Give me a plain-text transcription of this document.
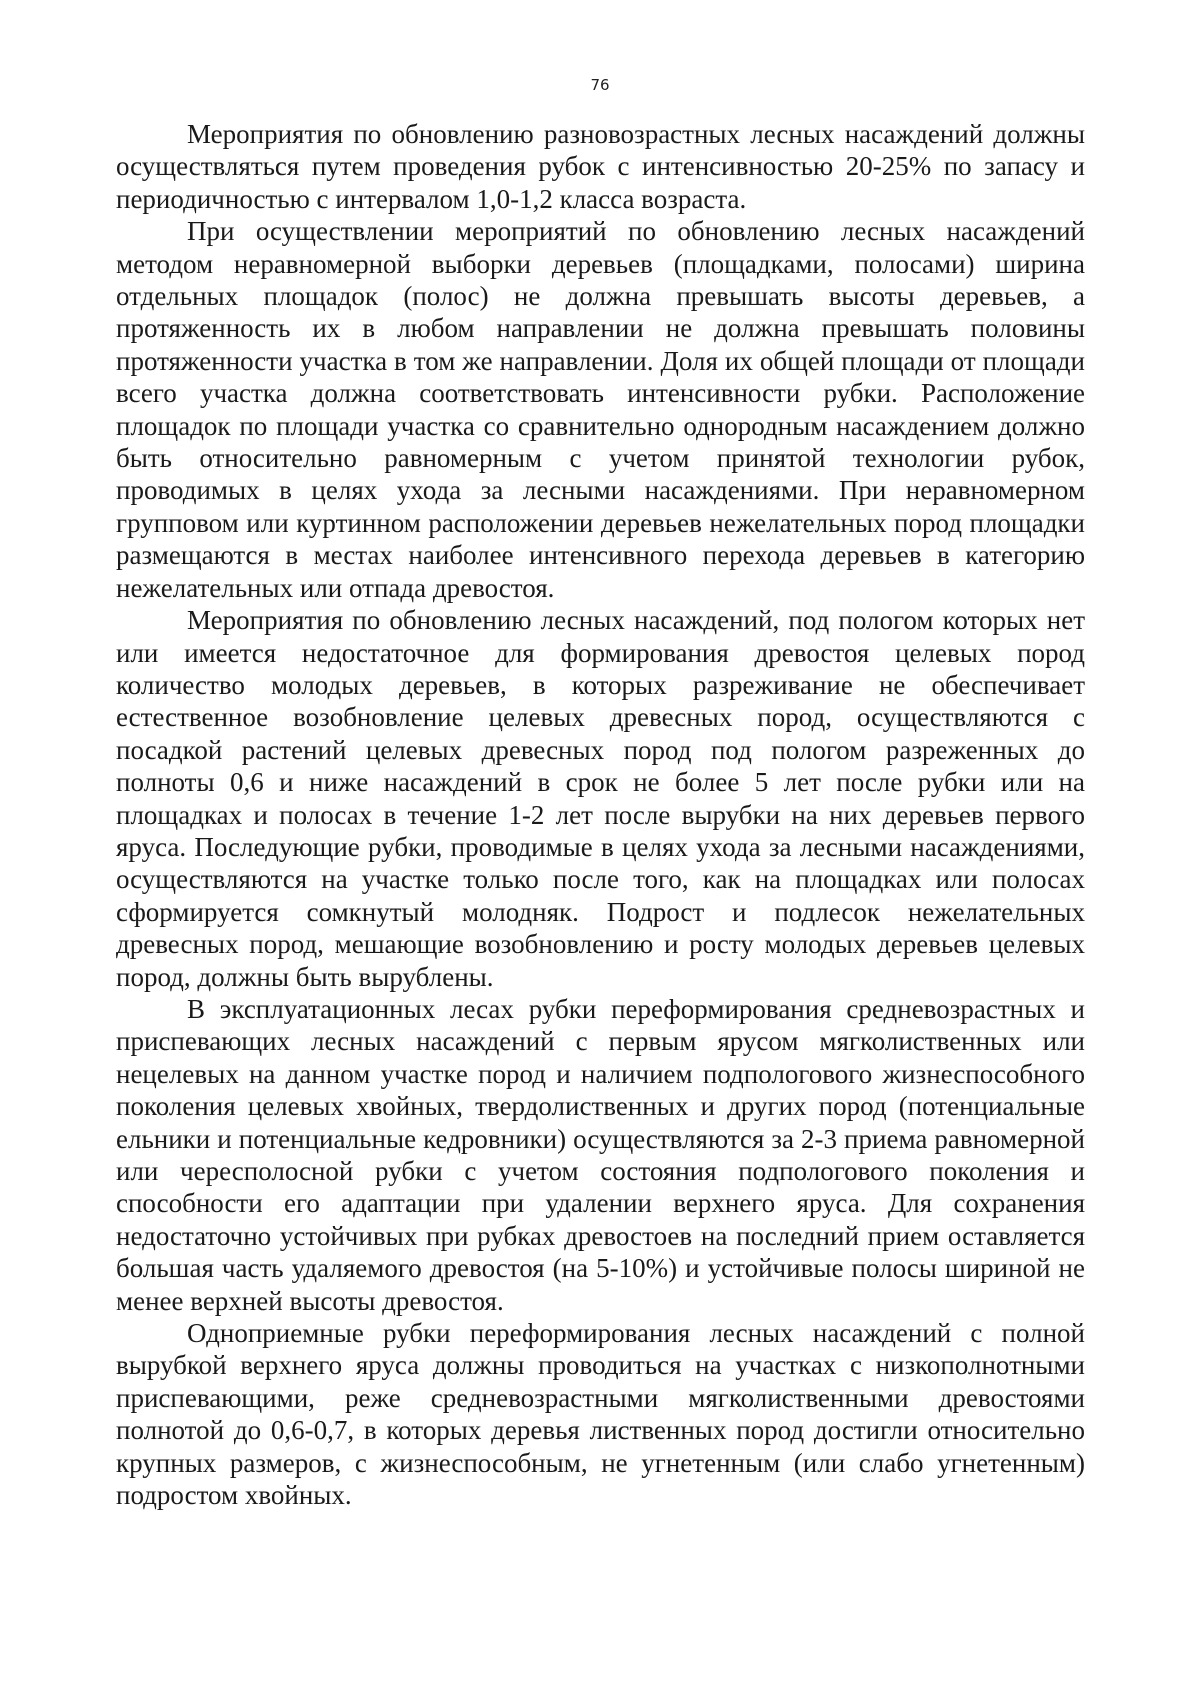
76

Мероприятия по обновлению разновозрастных лесных насаждений должны осуществляться путем проведения рубок с интенсивностью 20-25% по запасу и периодичностью с интервалом 1,0-1,2 класса возраста.

При осуществлении мероприятий по обновлению лесных насаждений методом неравномерной выборки деревьев (площадками, полосами) ширина отдельных площадок (полос) не должна превышать высоты деревьев, а протяженность их в любом направлении не должна превышать половины протяженности участка в том же направлении. Доля их общей площади от площади всего участка должна соответствовать интенсивности рубки. Расположение площадок по площади участка со сравнительно однородным насаждением должно быть относительно равномерным с учетом принятой технологии рубок, проводимых в целях ухода за лесными насаждениями. При неравномерном групповом или куртинном расположении деревьев нежелательных пород площадки размещаются в местах наиболее интенсивного перехода деревьев в категорию нежелательных или отпада древостоя.

Мероприятия по обновлению лесных насаждений, под пологом которых нет или имеется недостаточное для формирования древостоя целевых пород количество молодых деревьев, в которых разреживание не обеспечивает естественное возобновление целевых древесных пород, осуществляются с посадкой растений целевых древесных пород под пологом разреженных до полноты 0,6 и ниже насаждений в срок не более 5 лет после рубки или на площадках и полосах в течение 1-2 лет после вырубки на них деревьев первого яруса. Последующие рубки, проводимые в целях ухода за лесными насаждениями, осуществляются на участке только после того, как на площадках или полосах сформируется сомкнутый молодняк. Подрост и подлесок нежелательных древесных пород, мешающие возобновлению и росту молодых деревьев целевых пород, должны быть вырублены.

В эксплуатационных лесах рубки переформирования средневозрастных и приспевающих лесных насаждений с первым ярусом мягколиственных или нецелевых на данном участке пород и наличием подпологового жизнеспособного поколения целевых хвойных, твердолиственных и других пород (потенциальные ельники и потенциальные кедровники) осуществляются за 2-3 приема равномерной или чересполосной рубки с учетом состояния подпологового поколения и способности его адаптации при удалении верхнего яруса. Для сохранения недостаточно устойчивых при рубках древостоев на последний прием оставляется большая часть удаляемого древостоя (на 5-10%) и устойчивые полосы шириной не менее верхней высоты древостоя.

Одноприемные рубки переформирования лесных насаждений с полной вырубкой верхнего яруса должны проводиться на участках с низкополнотными приспевающими, реже средневозрастными мягколиственными древостоями полнотой до 0,6-0,7, в которых деревья лиственных пород достигли относительно крупных размеров, с жизнеспособным, не угнетенным (или слабо угнетенным) подростом хвойных.
